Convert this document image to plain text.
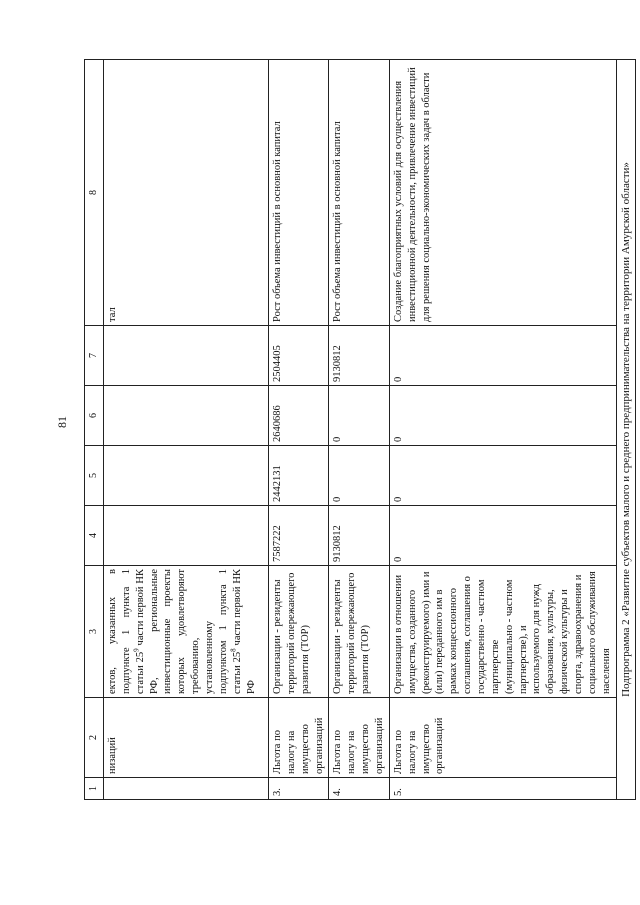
81
1	2	3	4	5	6	7	8
	низаций	ектов, указанных в подпункте 1 пункта 1 статьи $25^9$ части первой НК РФ, региональные инвестиционные проекты которых удовлетворяют требованию, установленному подпунктом 1 пункта 1 статьи $25^8$ части первой НК РФ					тал
3.	Льгота по налогу на имущество организаций	Организации - резиденты территорий опережающего развития (ТОР)	7587222	2442131	2640686	2504405	Рост объема инвестиций в основной капитал
4.	Льгота по налогу на имущество организаций	Организации - резиденты территорий опережающего развития (ТОР)	9130812	0	0	9130812	Рост объема инвестиций в основной капитал
5.	Льгота по налогу на имущество организаций	Организации в отношении имущества, созданного (реконструируемого) ими и (или) переданного им в рамках концессионного соглашения, соглашения о государственно - частном партнерстве (муниципально - частном партнерстве), и используемого для нужд образования, культуры, физической культуры и спорта, здравоохранения и социального обслуживания населения	0	0	0	0	Создание благоприятных условий для осуществления инвестиционной деятельности, привлечение инвестиций для решения социально-экономических задач в области
Подпрограмма 2 «Развитие субъектов малого и среднего предпринимательства на территории Амурской области»							
